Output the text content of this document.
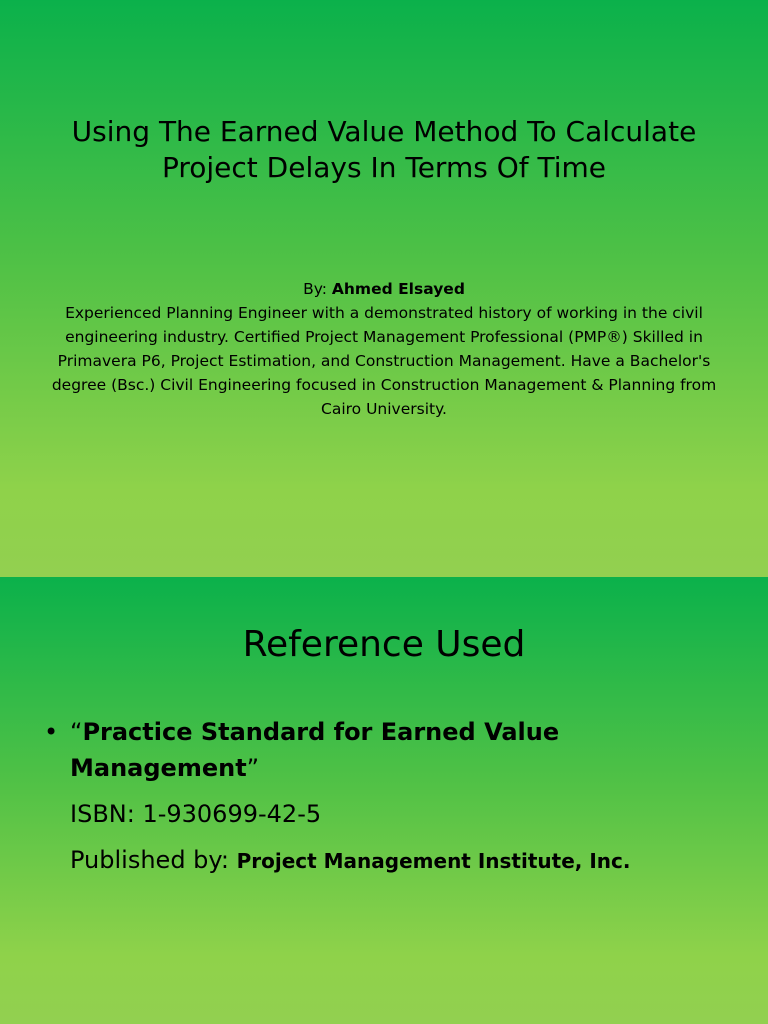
Using The Earned Value Method To Calculate Project Delays In Terms Of Time

By: Ahmed Elsayed

Experienced Planning Engineer with a demonstrated history of working in the civil engineering industry. Certified Project Management Professional (PMP®) Skilled in Primavera P6, Project Estimation, and Construction Management. Have a Bachelor's degree (Bsc.) Civil Engineering focused in Construction Management & Planning from Cairo University.

Reference Used
• “Practice Standard for Earned Value Management”
ISBN: 1-930699-42-5
Published by: Project Management Institute, Inc.
